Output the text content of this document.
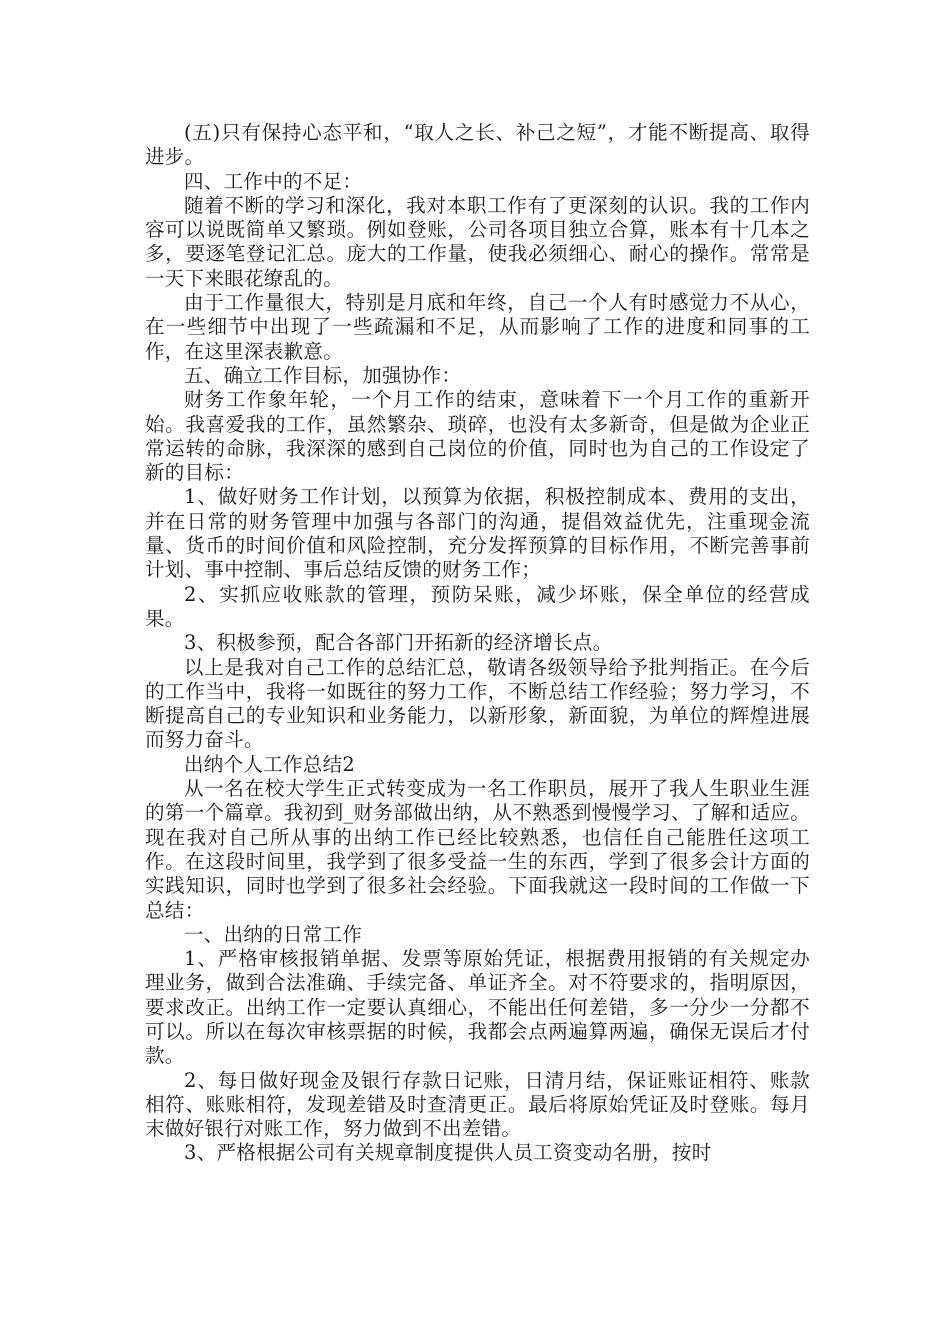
(五)只有保持心态平和，“取人之长、补己之短”，才能不断提高、取得进步。

四、工作中的不足：

随着不断的学习和深化，我对本职工作有了更深刻的认识。我的工作内容可以说既简单又繁琐。例如登账，公司各项目独立合算，账本有十几本之多，要逐笔登记汇总。庞大的工作量，使我必须细心、耐心的操作。常常是一天下来眼花缭乱的。

由于工作量很大，特别是月底和年终，自己一个人有时感觉力不从心，在一些细节中出现了一些疏漏和不足，从而影响了工作的进度和同事的工作，在这里深表歉意。

五、确立工作目标，加强协作：

财务工作象年轮，一个月工作的结束，意味着下一个月工作的重新开始。我喜爱我的工作，虽然繁杂、琐碎，也没有太多新奇，但是做为企业正常运转的命脉，我深深的感到自己岗位的价值，同时也为自己的工作设定了新的目标：

1、做好财务工作计划，以预算为依据，积极控制成本、费用的支出，并在日常的财务管理中加强与各部门的沟通，提倡效益优先，注重现金流量、货币的时间价值和风险控制，充分发挥预算的目标作用，不断完善事前计划、事中控制、事后总结反馈的财务工作；

2、实抓应收账款的管理，预防呆账，减少坏账，保全单位的经营成果。

3、积极参预，配合各部门开拓新的经济增长点。

以上是我对自己工作的总结汇总，敬请各级领导给予批判指正。在今后的工作当中，我将一如既往的努力工作，不断总结工作经验；努力学习，不断提高自己的专业知识和业务能力，以新形象，新面貌，为单位的辉煌进展而努力奋斗。

出纳个人工作总结2

从一名在校大学生正式转变成为一名工作职员，展开了我人生职业生涯的第一个篇章。我初到_财务部做出纳，从不熟悉到慢慢学习、了解和适应。现在我对自己所从事的出纳工作已经比较熟悉，也信任自己能胜任这项工作。在这段时间里，我学到了很多受益一生的东西，学到了很多会计方面的实践知识，同时也学到了很多社会经验。下面我就这一段时间的工作做一下总结：

一、出纳的日常工作

1、严格审核报销单据、发票等原始凭证，根据费用报销的有关规定办理业务，做到合法准确、手续完备、单证齐全。对不符要求的，指明原因，要求改正。出纳工作一定要认真细心，不能出任何差错，多一分少一分都不可以。所以在每次审核票据的时候，我都会点两遍算两遍，确保无误后才付款。

2、每日做好现金及银行存款日记账，日清月结，保证账证相符、账款相符、账账相符，发现差错及时查清更正。最后将原始凭证及时登账。每月末做好银行对账工作，努力做到不出差错。

3、严格根据公司有关规章制度提供人员工资变动名册，按时
